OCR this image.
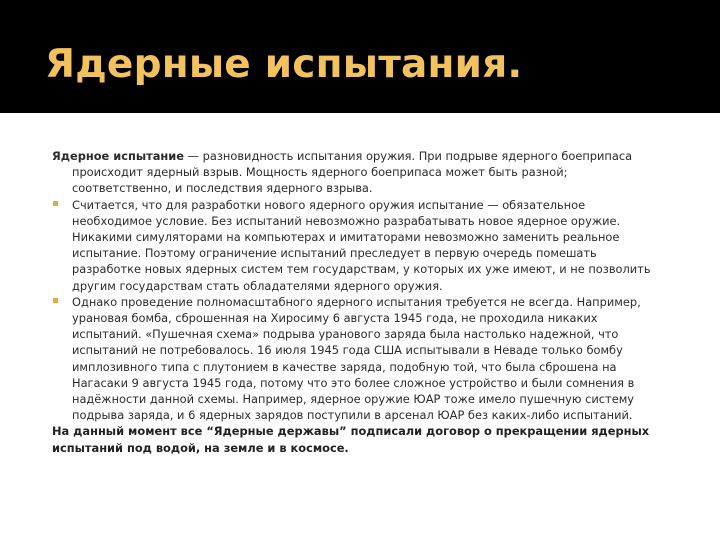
Ядерные испытания.

Ядерное испытание — разновидность испытания оружия. При подрыве ядерного боеприпаса происходит ядерный взрыв. Мощность ядерного боеприпаса может быть разной; соответственно, и последствия ядерного взрыва.

Считается, что для разработки нового ядерного оружия испытание — обязательное необходимое условие. Без испытаний невозможно разрабатывать новое ядерное оружие. Никакими симуляторами на компьютерах и имитаторами невозможно заменить реальное испытание. Поэтому ограничение испытаний преследует в первую очередь помешать разработке новых ядерных систем тем государствам, у которых их уже имеют, и не позволить другим государствам стать обладателями ядерного оружия.

Однако проведение полномасштабного ядерного испытания требуется не всегда. Например, урановая бомба, сброшенная на Хиросиму 6 августа 1945 года, не проходила никаких испытаний. «Пушечная схема» подрыва уранового заряда была настолько надежной, что испытаний не потребовалось. 16 июля 1945 года США испытывали в Неваде только бомбу имплозивного типа с плутонием в качестве заряда, подобную той, что была сброшена на Нагасаки 9 августа 1945 года, потому что это более сложное устройство и были сомнения в надёжности данной схемы. Например, ядерное оружие ЮАР тоже имело пушечную систему подрыва заряда, и 6 ядерных зарядов поступили в арсенал ЮАР без каких-либо испытаний.

На данный момент все “Ядерные державы” подписали договор о прекращении ядерных испытаний под водой, на земле и в космосе.
